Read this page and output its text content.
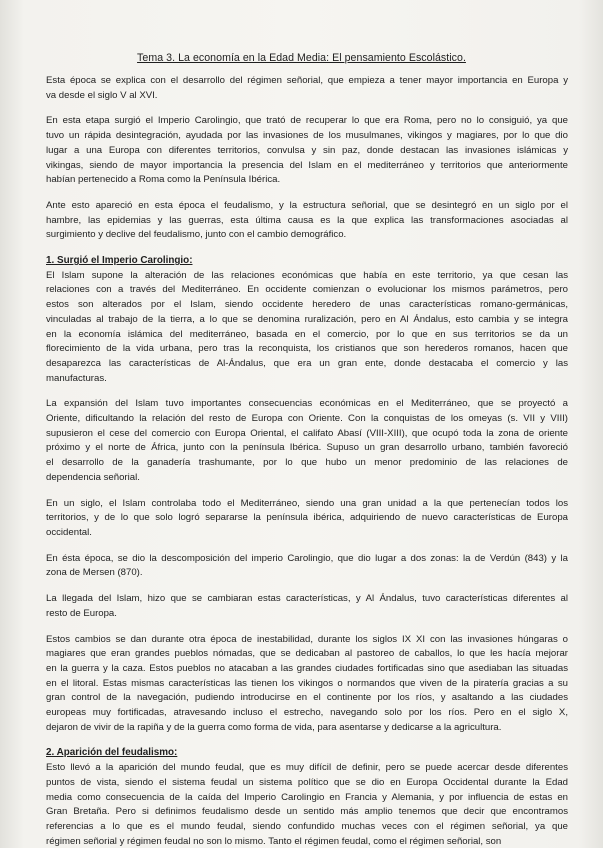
Tema 3. La economía en la Edad Media: El pensamiento Escolástico.
Esta época se explica con el desarrollo del régimen señorial, que empieza a tener mayor importancia en Europa y
va desde el siglo V al XVI.
En esta etapa surgió el Imperio Carolingio, que trató de recuperar lo que era Roma, pero no lo consiguió, ya que
tuvo un rápida desintegración, ayudada por las invasiones de los musulmanes, vikingos y magiares, por lo que dio
lugar a una Europa con diferentes territorios, convulsa y sin paz, donde destacan las invasiones islámicas y
vikingas, siendo de mayor importancia la presencia del Islam en el mediterráneo y territorios que anteriormente
habían pertenecido a Roma como la Península Ibérica.
Ante esto apareció en esta época el feudalismo, y la estructura señorial, que se desintegró en un siglo por el
hambre, las epidemias y las guerras, esta última causa es la que explica las transformaciones asociadas al
surgimiento y declive del feudalismo, junto con el cambio demográfico.
1. Surgió el Imperio Carolingio:
El Islam supone la alteración de las relaciones económicas que había en este territorio, ya que cesan las
relaciones con a través del Mediterráneo. En occidente comienzan o evolucionar los mismos parámetros, pero
estos son alterados por el Islam, siendo occidente heredero de unas características romano-germánicas,
vinculadas al trabajo de la tierra, a lo que se denomina ruralización, pero en Al Ándalus, esto cambia y se integra
en la economía islámica del mediterráneo, basada en el comercio, por lo que en sus territorios se da un
florecimiento de la vida urbana, pero tras la reconquista, los cristianos que son herederos romanos, hacen que
desaparezca las características de Al-Ándalus, que era un gran ente, donde destacaba el comercio y las
manufacturas.
La expansión del Islam tuvo importantes consecuencias económicas en el Mediterráneo, que se proyectó a
Oriente, dificultando la relación del resto de Europa con Oriente. Con la conquistas de los omeyas (s. VII y VIII)
supusieron el cese del comercio con Europa Oriental, el califato Abasí (VIII-XIII), que ocupó toda la zona de oriente
próximo y el norte de África, junto con la península Ibérica. Supuso un gran desarrollo urbano, también favoreció
el desarrollo de la ganadería trashumante, por lo que hubo un menor predominio de las relaciones de
dependencia señorial.
En un siglo, el Islam controlaba todo el Mediterráneo, siendo una gran unidad a la que pertenecían todos los
territorios, y de lo que solo logró separarse la península ibérica, adquiriendo de nuevo características de Europa
occidental.
En ésta época, se dio la descomposición del imperio Carolingio, que dio lugar a dos zonas: la de Verdún (843) y la
zona de Mersen (870).
La llegada del Islam, hizo que se cambiaran estas características, y Al Ándalus, tuvo características diferentes al
resto de Europa.
Estos cambios se dan durante otra época de inestabilidad, durante los siglos IX XI con las invasiones húngaras o
magiares que eran grandes pueblos nómadas, que se dedicaban al pastoreo de caballos, lo que les hacía mejorar
en la guerra y la caza. Estos pueblos no atacaban a las grandes ciudades fortificadas sino que asediaban las situadas
en el litoral. Estas mismas características las tienen los vikingos o normandos que viven de la piratería gracias a su
gran control de la navegación, pudiendo introducirse en el continente por los ríos, y asaltando a las ciudades
europeas muy fortificadas, atravesando incluso el estrecho, navegando solo por los ríos. Pero en el siglo X,
dejaron de vivir de la rapiña y de la guerra como forma de vida, para asentarse y dedicarse a la agricultura.
2. Aparición del feudalismo:
Esto llevó a la aparición del mundo feudal, que es muy difícil de definir, pero se puede acercar desde diferentes
puntos de vista, siendo el sistema feudal un sistema político que se dio en Europa Occidental durante la Edad
media como consecuencia de la caída del Imperio Carolingio en Francia y Alemania, y por influencia de estas en
Gran Bretaña. Pero si definimos feudalismo desde un sentido más amplio tenemos que decir que encontramos
referencias a lo que es el mundo feudal, siendo confundido muchas veces con el régimen señorial, ya que
régimen señorial y régimen feudal no son lo mismo. Tanto el régimen feudal, como el régimen señorial, son
